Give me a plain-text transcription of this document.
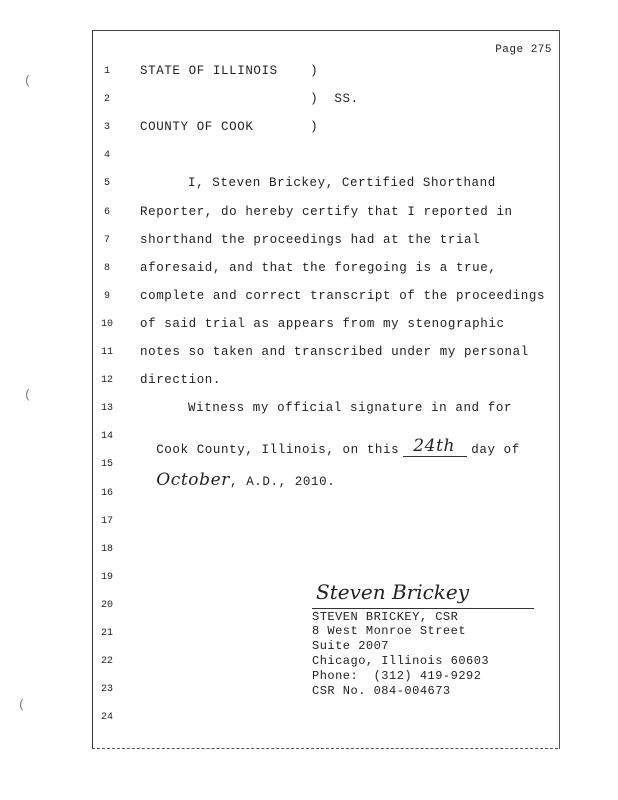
Page 275
1	STATE OF ILLINOIS    )
2	)  SS.
3	COUNTY OF COOK       )
4
5	I, Steven Brickey, Certified Shorthand
6	Reporter, do hereby certify that I reported in
7	shorthand the proceedings had at the trial
8	aforesaid, and that the foregoing is a true,
9	complete and correct transcript of the proceedings
10	of said trial as appears from my stenographic
11	notes so taken and transcribed under my personal
12	direction.
13	Witness my official signature in and for
14
15
16
17
18
19
20
21
22
23
24

Cook County, Illinois, on this 24th day of

October, A.D., 2010.

Steven Brickey
STEVEN BRICKEY, CSR
8 West Monroe Street
Suite 2007
Chicago, Illinois 60603
Phone:  (312) 419-9292
CSR No. 084-004673
(
(
(
